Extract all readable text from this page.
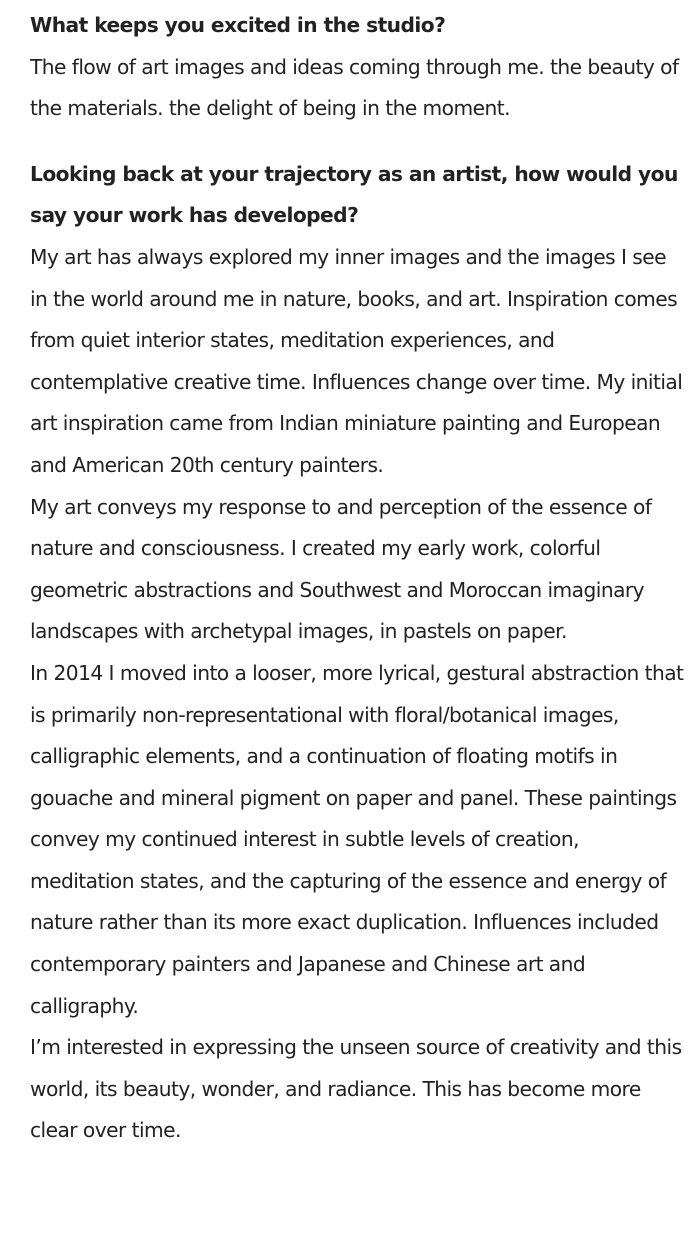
What keeps you excited in the studio?

The flow of art images and ideas coming through me. the beauty of the materials. the delight of being in the moment.

Looking back at your trajectory as an artist, how would you say your work has developed?

My art has always explored my inner images and the images I see in the world around me in nature, books, and art. Inspiration comes from quiet interior states, meditation experiences, and contemplative creative time. Influences change over time. My initial art inspiration came from Indian miniature painting and European and American 20th century painters.

My art conveys my response to and perception of the essence of nature and consciousness. I created my early work, colorful geometric abstractions and Southwest and Moroccan imaginary landscapes with archetypal images, in pastels on paper.

In 2014 I moved into a looser, more lyrical, gestural abstraction that is primarily non-representational with floral/botanical images, calligraphic elements, and a continuation of floating motifs in gouache and mineral pigment on paper and panel. These paintings convey my continued interest in subtle levels of creation, meditation states, and the capturing of the essence and energy of nature rather than its more exact duplication. Influences included contemporary painters and Japanese and Chinese art and calligraphy.

I’m interested in expressing the unseen source of creativity and this world, its beauty, wonder, and radiance. This has become more clear over time.
